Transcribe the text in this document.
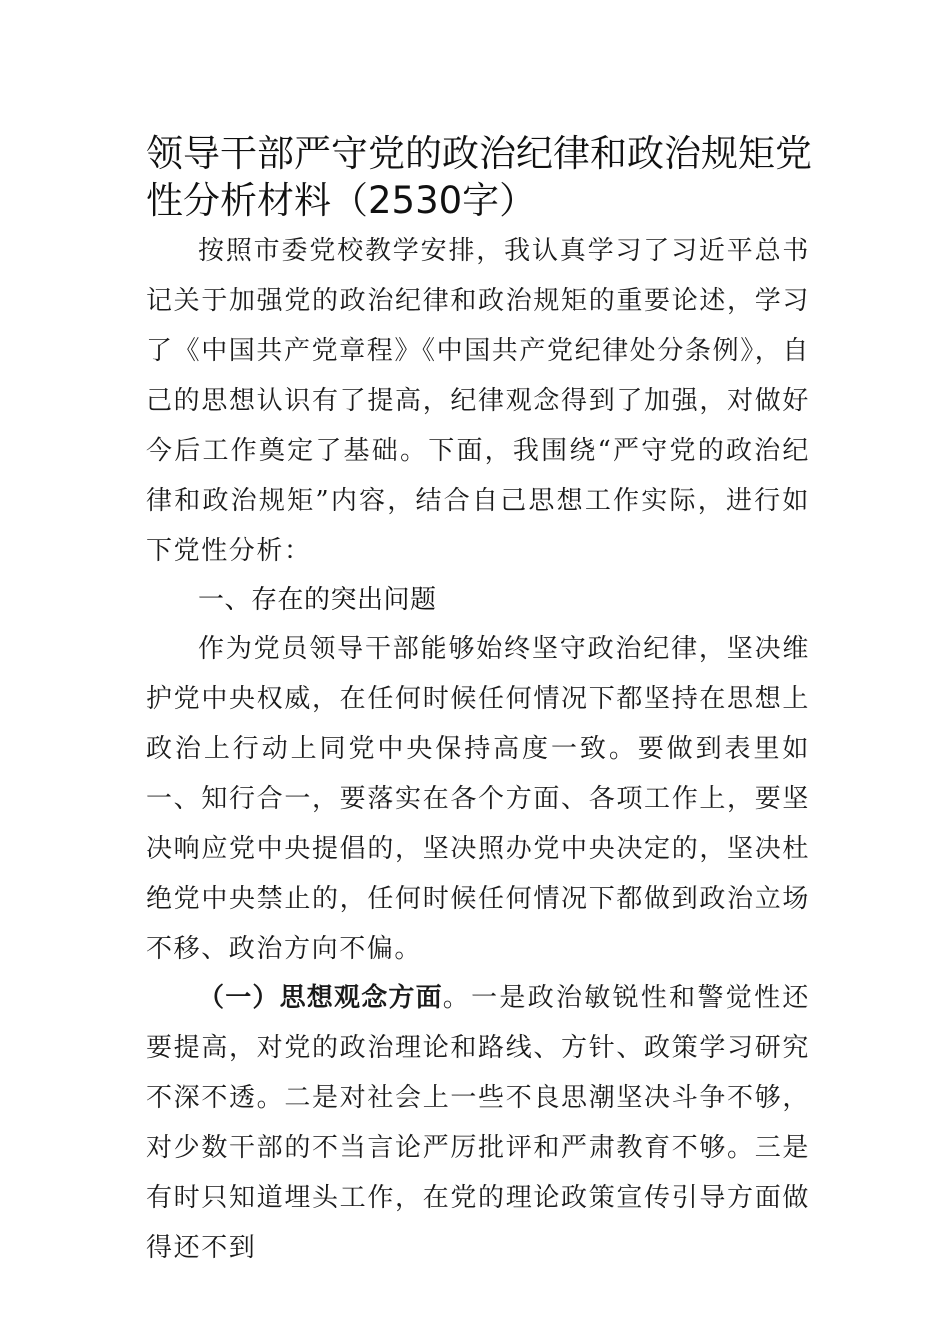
领导干部严守党的政治纪律和政治规矩党性分析材料（2530字）

按照市委党校教学安排，我认真学习了习近平总书记关于加强党的政治纪律和政治规矩的重要论述，学习了《中国共产党章程》《中国共产党纪律处分条例》，自己的思想认识有了提高，纪律观念得到了加强，对做好今后工作奠定了基础。下面，我围绕“严守党的政治纪律和政治规矩”内容，结合自己思想工作实际，进行如下党性分析：

一、存在的突出问题

作为党员领导干部能够始终坚守政治纪律，坚决维护党中央权威，在任何时候任何情况下都坚持在思想上政治上行动上同党中央保持高度一致。要做到表里如一、知行合一，要落实在各个方面、各项工作上，要坚决响应党中央提倡的，坚决照办党中央决定的，坚决杜绝党中央禁止的，任何时候任何情况下都做到政治立场不移、政治方向不偏。

（一）思想观念方面。一是政治敏锐性和警觉性还要提高，对党的政治理论和路线、方针、政策学习研究不深不透。二是对社会上一些不良思潮坚决斗争不够，对少数干部的不当言论严厉批评和严肃教育不够。三是有时只知道埋头工作，在党的理论政策宣传引导方面做得还不到
